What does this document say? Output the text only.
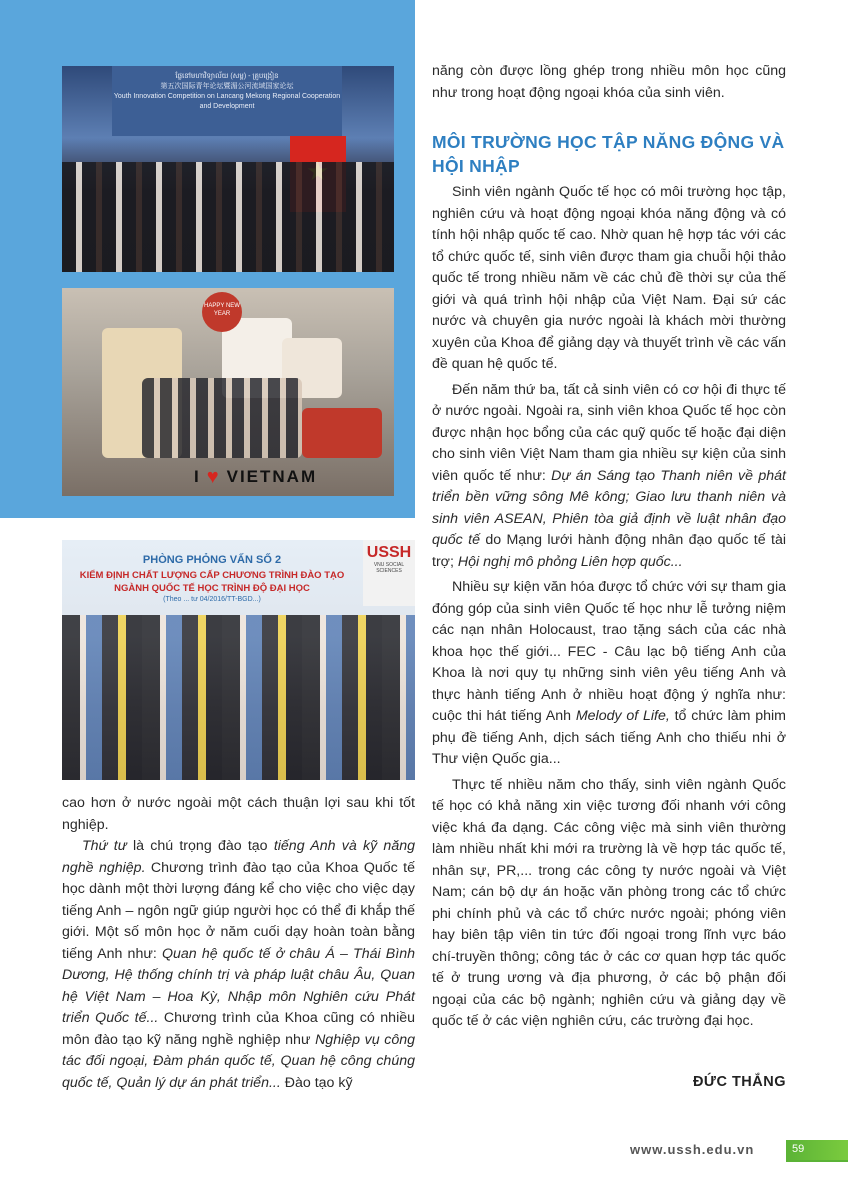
ផ្លែនៅមហាវិទ្យាល័យ (សម្ព) - គ្រូបង្រៀន
第五次国际青年论坛暨湄公河流域国家论坛
Youth Innovation Competition on Lancang Mekong Regional Cooperation and Development
HAPPY NEW YEAR
I ♥ VIETNAM
PHÒNG PHỎNG VẤN SỐ 2
KIỂM ĐỊNH CHẤT LƯỢNG CẤP CHƯƠNG TRÌNH ĐÀO TẠO
NGÀNH QUỐC TẾ HỌC TRÌNH ĐỘ ĐẠI HỌC
(Theo ... tư 04/2016/TT-BGD...)
USSH
VNU SOCIAL SCIENCES

cao hơn ở nước ngoài một cách thuận lợi sau khi tốt nghiệp.

Thứ tư là chú trọng đào tạo tiếng Anh và kỹ năng nghề nghiệp. Chương trình đào tạo của Khoa Quốc tế học dành một thời lượng đáng kể cho việc cho việc dạy tiếng Anh – ngôn ngữ giúp người học có thể đi khắp thế giới. Một số môn học ở năm cuối dạy hoàn toàn bằng tiếng Anh như: Quan hệ quốc tế ở châu Á – Thái Bình Dương, Hệ thống chính trị và pháp luật châu Âu, Quan hệ Việt Nam – Hoa Kỳ, Nhập môn Nghiên cứu Phát triển Quốc tế... Chương trình của Khoa cũng có nhiều môn đào tạo kỹ năng nghề nghiệp như Nghiệp vụ công tác đối ngoại, Đàm phán quốc tế, Quan hệ công chúng quốc tế, Quản lý dự án phát triển... Đào tạo kỹ

năng còn được lồng ghép trong nhiều môn học cũng như trong hoạt động ngoại khóa của sinh viên.

MÔI TRƯỜNG HỌC TẬP NĂNG ĐỘNG VÀ HỘI NHẬP

Sinh viên ngành Quốc tế học có môi trường học tập, nghiên cứu và hoạt động ngoại khóa năng động và có tính hội nhập quốc tế cao. Nhờ quan hệ hợp tác với các tổ chức quốc tế, sinh viên được tham gia chuỗi hội thảo quốc tế trong nhiều năm về các chủ đề thời sự của thế giới và quá trình hội nhập của Việt Nam. Đại sứ các nước và chuyên gia nước ngoài là khách mời thường xuyên của Khoa để giảng dạy và thuyết trình về các vấn đề quan hệ quốc tế.

Đến năm thứ ba, tất cả sinh viên có cơ hội đi thực tế ở nước ngoài. Ngoài ra, sinh viên khoa Quốc tế học còn được nhận học bổng của các quỹ quốc tế hoặc đại diện cho sinh viên Việt Nam tham gia nhiều sự kiện của sinh viên quốc tế như: Dự án Sáng tạo Thanh niên về phát triển bền vững sông Mê kông; Giao lưu thanh niên và sinh viên ASEAN, Phiên tòa giả định về luật nhân đạo quốc tế do Mạng lưới hành động nhân đạo quốc tế tài trợ; Hội nghị mô phỏng Liên hợp quốc...

Nhiều sự kiện văn hóa được tổ chức với sự tham gia đóng góp của sinh viên Quốc tế học như lễ tưởng niệm các nạn nhân Holocaust, trao tặng sách của các nhà khoa học thế giới... FEC - Câu lạc bộ tiếng Anh của Khoa là nơi quy tụ những sinh viên yêu tiếng Anh và thực hành tiếng Anh ở nhiều hoạt động ý nghĩa như: cuộc thi hát tiếng Anh Melody of Life, tổ chức làm phim phụ đề tiếng Anh, dịch sách tiếng Anh cho thiếu nhi ở Thư viện Quốc gia...

Thực tế nhiều năm cho thấy, sinh viên ngành Quốc tế học có khả năng xin việc tương đối nhanh với công việc khá đa dạng. Các công việc mà sinh viên thường làm nhiều nhất khi mới ra trường là về hợp tác quốc tế, nhân sự, PR,... trong các công ty nước ngoài và Việt Nam; cán bộ dự án hoặc văn phòng trong các tổ chức phi chính phủ và các tổ chức nước ngoài; phóng viên hay biên tập viên tin tức đối ngoại trong lĩnh vực báo chí-truyền thông; công tác ở các cơ quan hợp tác quốc tế ở trung ương và địa phương, ở các bộ phận đối ngoại của các bộ ngành; nghiên cứu và giảng dạy về quốc tế ở các viện nghiên cứu, các trường đại học.

ĐỨC THẮNG
www.ussh.edu.vn	59
